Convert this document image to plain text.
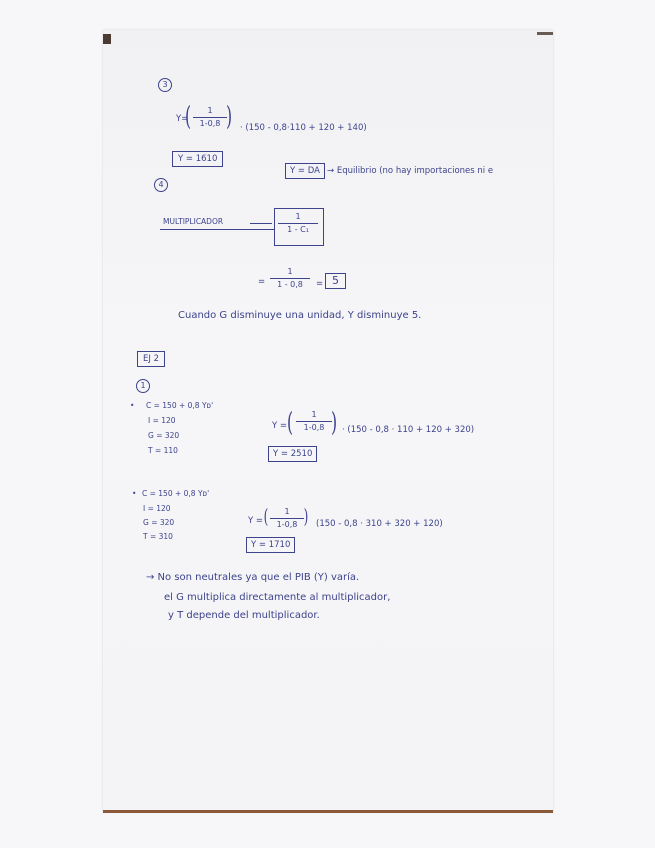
3
Y=
(	1
1-0,8 ) · (150 - 0,8·110 + 120 + 140)
Y = 1610
4
Y = DA → Equilibrio (no hay importaciones ni e
MULTIPLICADOR
1
1 - C₁
=
1
1 - 0,8	= 5
Cuando G disminuye una unidad, Y disminuye 5.
EJ 2
1
• C = 150 + 0,8 Yᴅ'
I = 120
G = 320
T = 110
Y = (	1
1-0,8 ) · (150 - 0,8 · 110 + 120 + 320)
Y = 2510
• C = 150 + 0,8 Yᴅ'
I = 120
G = 320
T = 310
Y = (	1
1-0,8 ) (150 - 0,8 · 310 + 320 + 120)
Y = 1710
→ No son neutrales ya que el PIB (Y) varía.
el G multiplica directamente al multiplicador,
y T depende del multiplicador.
